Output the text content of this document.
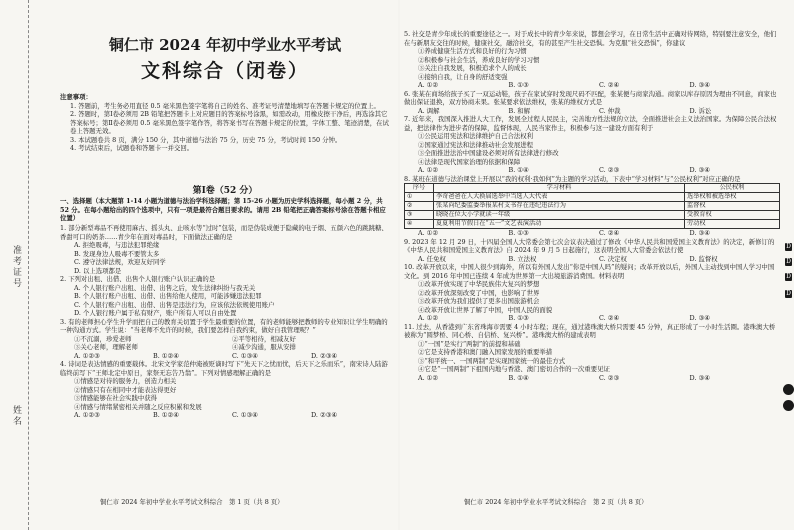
准考证号
姓名
铜仁市 2024 年初中学业水平考试
文科综合（闭卷）

注意事项：

1. 答题前，考生务必用直径 0.5 毫米黑色签字笔将自己的姓名、准考证号清楚地填写在答题卡规定的位置上。

2. 答题时，第Ⅰ卷必须用 2B 铅笔把答题卡上对应题目的答案标号涂黑，如需改动，用橡皮擦干净后，再选涂其它答案标号；第Ⅱ卷必须用 0.5 毫米黑色签字笔作答，将答案书写在答题卡规定的位置，字体工整、笔迹清楚，在试卷上答题无效。

3. 本试题卷共 8 页，满分 150 分，其中道德与法治 75 分，历史 75 分，考试时间 150 分钟。

4. 考试结束后，试题卷和答题卡一并交回。

第Ⅰ卷（52 分）

一、选择题（本大题第 1-14 小题为道德与法治学科选择题；第 15-26 小题为历史学科选择题，每小题 2 分，共 52 分。在每小题给出的四个选项中，只有一项是最符合题目要求的。请用 2B 铅笔把正确答案标号涂在答题卡相应位置）

1. 部分新型毒品不再使用麻古、摇头丸、止咳水等“过时”包装，而是伪装成便于隐藏的电子烟、五颜六色的跳跳糖、香甜可口的奶茶……青少年在面对毒品时，下面做法正确的是

A. 拒绝吸毒，与违法犯罪绝缘

B. 发现身边人吸毒不要管太多

C. 遵守法律法规，欢迎友好同学

D. 以上选项都是

2. 下列对出租、出借、出售个人银行账户认识正确的是

A. 个人银行账户出租、出借、出售之后，发生法律纠纷与我无关

B. 个人银行账户出租、出借、出售给他人使用，可能涉嫌违法犯罪

C. 个人银行账户出租、出借、出售是违法行为，应该依法依规使用账户

D. 个人银行账户属于私有财产，账户所有人可以自由处置

3. 有的老师担心学生升学而把自己的教育关切置于学生最重要的位置，有的老师能够把教师的专业知识让学生明确的一种沟通方式。学生说：“当老师不允许的时候，我们要怎样自我约束，做好自我管理呢？”

①不沉溺，珍爱老师	②平等相待，相减友好
③关心老师，理解老师	④减少沟通，服从安排
A. ①②③	B. ①②④	C. ①③④	D. ②③④

4. 诗词是表达情感的重要载体。北宋文学家范仲淹被贬谪时写下“先天下之忧而忧，后天下之乐而乐”，南宋诗人陆游临终前写下“王师北定中原日，家祭无忘告乃翁”。下列对情感理解正确的是

①情感是对待的服务力，创造力相关

②情感只有在相同中才能表达得更好

③情感能够在社会实践中获得

④情感与情绪紧密相关并随之反应积累和发展

A. ①②③	B. ①②④	C. ①③④	D. ②③④
铜仁市 2024 年初中学业水平考试文科综合　第 1 页（共 8 页）

5. 社交是青少年成长的重要途径之一。对于成长中的青少年来说，都想会学习，在日常生活中正确对待网络，特别要注意安全，他们在与新朋友交往的时候，健康社交，融洽社交，有的甚至产生社交恐惧。为克服“社交恐惧”，你建议

①养成健康生活方式和良好的行为习惯

②积极参与社会生活，养成良好的学习习惯

③关注自我发展，积极追求个人的成长

④接纳自我，让自身的舒适变强

A. ①②	B. ①③	C. ②④	D. ③④

6. 张某在商场给孩子买了一双运动鞋，孩子在家试穿时发现尺码不匹配，张某便与商家沟通。商家以库存原因为理由不同意，商家也做出保证退换，双方协商未果。张某要求依法维权，张某的维权方式是

A. 调解	B. 和解	C. 仲裁	D. 诉讼

7. 近年来，我国深入推进人大工作，发展全过程人民民主，完善地方性法规的立法，全面推进社会主义法治国家。为保障公民合法权益，把法律作为进步者的保障，监督体现，人民当家作主，积极参与这一建设方面有利于

①公民运用宪法和法律维护自己合法权利

②国家通过宪法和法律推动社会发展进程

③全面推进法治中国建设必须对所有法律进行修改

④法律是现代国家治理的依据和保障

A. ①②	B. ①④	C. ②③	D. ③④

8. 某班在道德与法治课堂上开展以“我的权利·我如何”为主题的学习活动，下表中“学习材料”与“公民权利”对应正确的是

序号	学习材料	公民权利
①	李奇爸爸在人大换届选举中当选人大代表	选举权和被选举权
②	张某向纪委监委举报某村支书存在违纪违法行为	监督权
③	晓晓在位大小学就读一年级	受教育权
④	夏夏利用节假日在“五一”文艺表演活动	劳动权
A. ①②	B. ①③	C. ②④	D. ③④

9. 2023 年 12 月 29 日，十四届全国人大常委会第七次会议表决通过了修改《中华人民共和国爱国主义教育法》的决定，新修订的《中华人民共和国爱国主义教育法》自 2024 年 9 月 5 日起施行，这表明全国人大常委会依法行使

A. 任免权	B. 立法权	C. 决定权	D. 监督权

10. 改革开放以来，中国人很少到海外，所以有外国人发出“你是中国人吗”的疑问；改革开放以后，外国人主动找到中国人学习中国文化。到 2016 年中国已连续 4 年成为世界第一大出境旅游消费国。材料表明

①改革开放实现了中华民族伟大复兴的梦想

②改革开放深刻改变了中国，也影响了世界

③改革开放为我们提供了更多出国旅游机会

④改革开放让世界了解了中国，中国人民的面貌

A. ①②	B. ①③	C. ②④	D. ③④

11. 过去，从香港到广东省珠海市需要 4 小时车程；现在，通过港珠澳大桥只需要 45 分钟，真正形成了一小时生活圈。港珠澳大桥被称为“圆梦桥、同心桥、自信桥、复兴桥”。港珠澳大桥的建成表明

①“一国”是实行“两制”的前提和基础

②它是支持香港和澳门融入国家发展的重要举措

③“和平统一、一国两制”是实现国家统一的最佳方式

④它是“一国两制”下祖国内地与香港、澳门密切合作的一次重要见证

A. ①②	B. ①④	C. ②③	D. ③④
铜仁市 2024 年初中学业水平考试文科综合　第 2 页（共 8 页）
D
D
D
D
